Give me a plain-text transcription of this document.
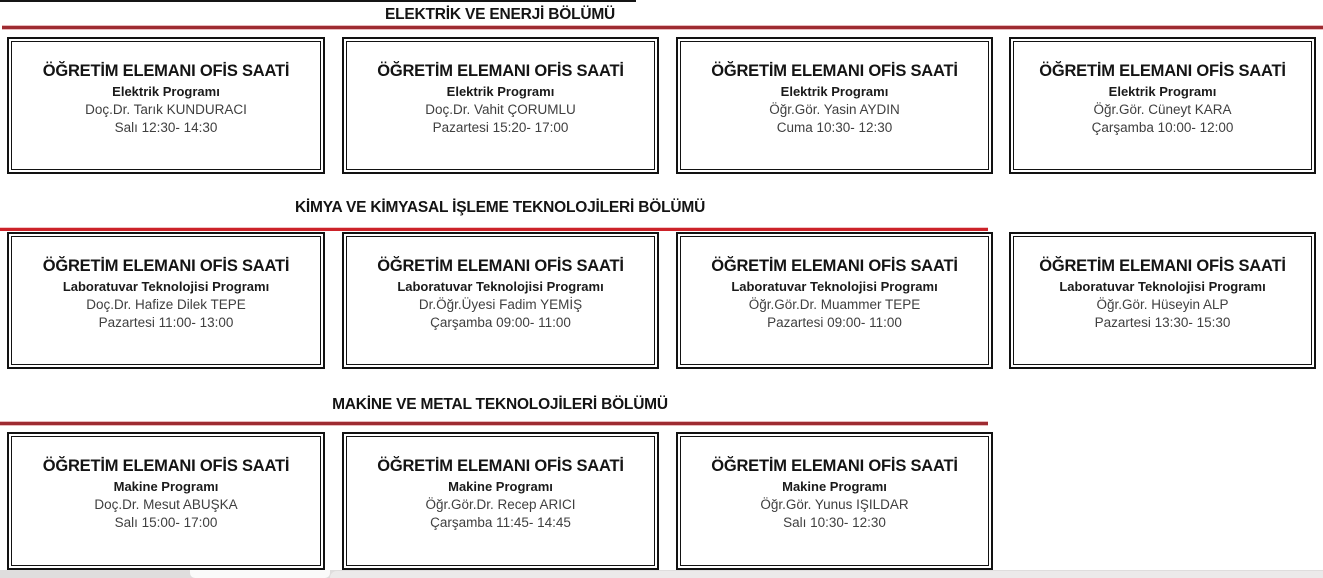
ELEKTRİK VE ENERJİ BÖLÜMÜ
ÖĞRETİM ELEMANI OFİS SAATİ
Elektrik Programı
Doç.Dr. Tarık KUNDURACI
Salı 12:30- 14:30
ÖĞRETİM ELEMANI OFİS SAATİ
Elektrik Programı
Doç.Dr. Vahit ÇORUMLU
Pazartesi 15:20- 17:00
ÖĞRETİM ELEMANI OFİS SAATİ
Elektrik Programı
Öğr.Gör. Yasin AYDIN
Cuma 10:30- 12:30
ÖĞRETİM ELEMANI OFİS SAATİ
Elektrik Programı
Öğr.Gör. Cüneyt KARA
Çarşamba 10:00- 12:00
KİMYA VE KİMYASAL İŞLEME TEKNOLOJİLERİ BÖLÜMÜ
ÖĞRETİM ELEMANI OFİS SAATİ
Laboratuvar Teknolojisi Programı
Doç.Dr. Hafize Dilek TEPE
Pazartesi 11:00- 13:00
ÖĞRETİM ELEMANI OFİS SAATİ
Laboratuvar Teknolojisi Programı
Dr.Öğr.Üyesi Fadim YEMİŞ
Çarşamba 09:00- 11:00
ÖĞRETİM ELEMANI OFİS SAATİ
Laboratuvar Teknolojisi Programı
Öğr.Gör.Dr. Muammer TEPE
Pazartesi 09:00- 11:00
ÖĞRETİM ELEMANI OFİS SAATİ
Laboratuvar Teknolojisi Programı
Öğr.Gör. Hüseyin ALP
Pazartesi 13:30- 15:30
MAKİNE VE METAL TEKNOLOJİLERİ BÖLÜMÜ
ÖĞRETİM ELEMANI OFİS SAATİ
Makine Programı
Doç.Dr. Mesut ABUŞKA
Salı 15:00- 17:00
ÖĞRETİM ELEMANI OFİS SAATİ
Makine Programı
Öğr.Gör.Dr. Recep ARICI
Çarşamba 11:45- 14:45
ÖĞRETİM ELEMANI OFİS SAATİ
Makine Programı
Öğr.Gör. Yunus IŞILDAR
Salı 10:30- 12:30
